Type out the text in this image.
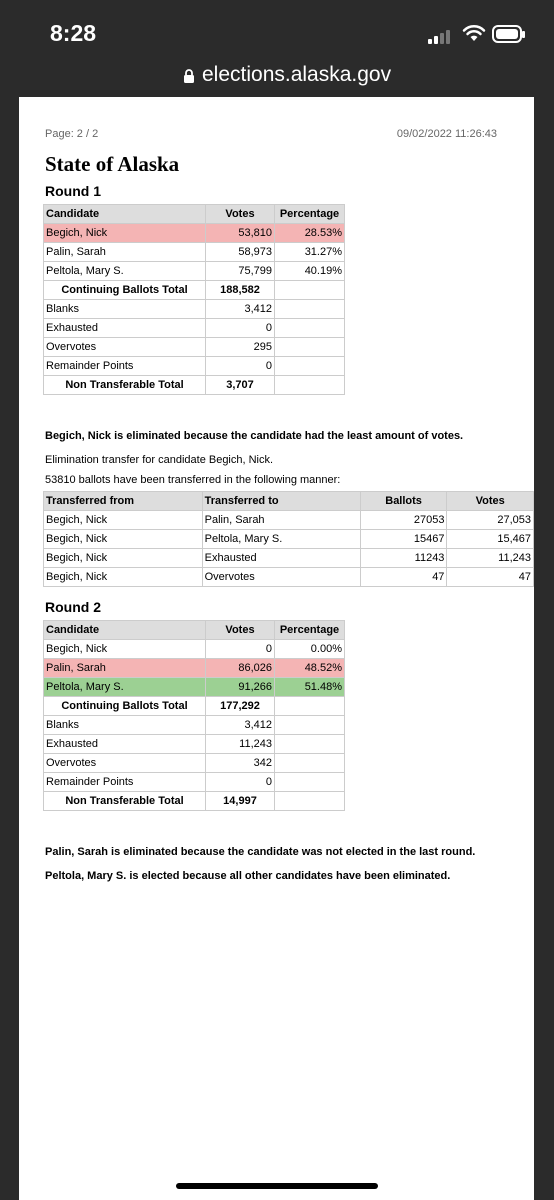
8:28
elections.alaska.gov
Page: 2 / 2	09/02/2022 11:26:43
State of Alaska
Round 1
Candidate	Votes	Percentage
Begich, Nick	53,810	28.53%
Palin, Sarah	58,973	31.27%
Peltola, Mary S.	75,799	40.19%
Continuing Ballots Total	188,582	
Blanks	3,412	
Exhausted	0	
Overvotes	295	
Remainder Points	0	
Non Transferable Total	3,707	
Begich, Nick is eliminated because the candidate had the least amount of votes.
Elimination transfer for candidate Begich, Nick.
53810 ballots have been transferred in the following manner:
Transferred from	Transferred to	Ballots	Votes
Begich, Nick	Palin, Sarah	27053	27,053
Begich, Nick	Peltola, Mary S.	15467	15,467
Begich, Nick	Exhausted	11243	11,243
Begich, Nick	Overvotes	47	47
Round 2
Candidate	Votes	Percentage
Begich, Nick	0	0.00%
Palin, Sarah	86,026	48.52%
Peltola, Mary S.	91,266	51.48%
Continuing Ballots Total	177,292	
Blanks	3,412	
Exhausted	11,243	
Overvotes	342	
Remainder Points	0	
Non Transferable Total	14,997	
Palin, Sarah is eliminated because the candidate was not elected in the last round.
Peltola, Mary S. is elected because all other candidates have been eliminated.
